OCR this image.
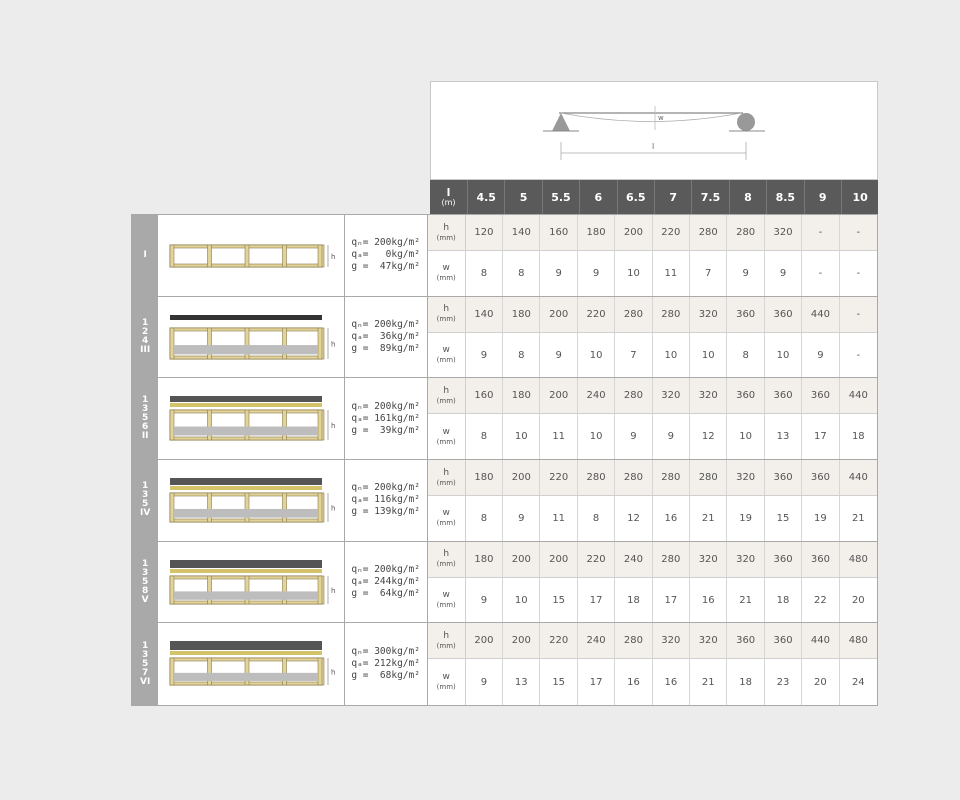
w
l
l
(m)	4.5	5	5.5	6	6.5	7	7.5	8	8.5	9	10
I	h
qₙ= 200kg/m²
qₐ=   0kg/m²
g =  47kg/m²
h
(mm)	120	140	160	180	200	220	280	280	320	-	-
w
(mm)	8	8	9	9	10	11	7	9	9	-	-
1
2
4
III
h
qₙ= 200kg/m²
qₐ=  36kg/m²
g =  89kg/m²
h
(mm)	140	180	200	220	280	280	320	360	360	440	-
w
(mm)	9	8	9	10	7	10	10	8	10	9	-
1
3
5
6
II
h
qₙ= 200kg/m²
qₐ= 161kg/m²
g =  39kg/m²
h
(mm)	160	180	200	240	280	320	320	360	360	360	440
w
(mm)	8	10	11	10	9	9	12	10	13	17	18
1
3
5
IV	h
qₙ= 200kg/m²
qₐ= 116kg/m²
g = 139kg/m²
h
(mm)	180	200	220	280	280	280	280	320	360	360	440
w
(mm)	8	9	11	8	12	16	21	19	15	19	21
1
3
5
8
V
h
qₙ= 200kg/m²
qₐ= 244kg/m²
g =  64kg/m²
h
(mm)	180	200	200	220	240	280	320	320	360	360	480
w
(mm)	9	10	15	17	18	17	16	21	18	22	20
1
3
5
7
VI
h
qₙ= 300kg/m²
qₐ= 212kg/m²
g =  68kg/m²
h
(mm)	200	200	220	240	280	320	320	360	360	440	480
w
(mm)	9	13	15	17	16	16	21	18	23	20	24
